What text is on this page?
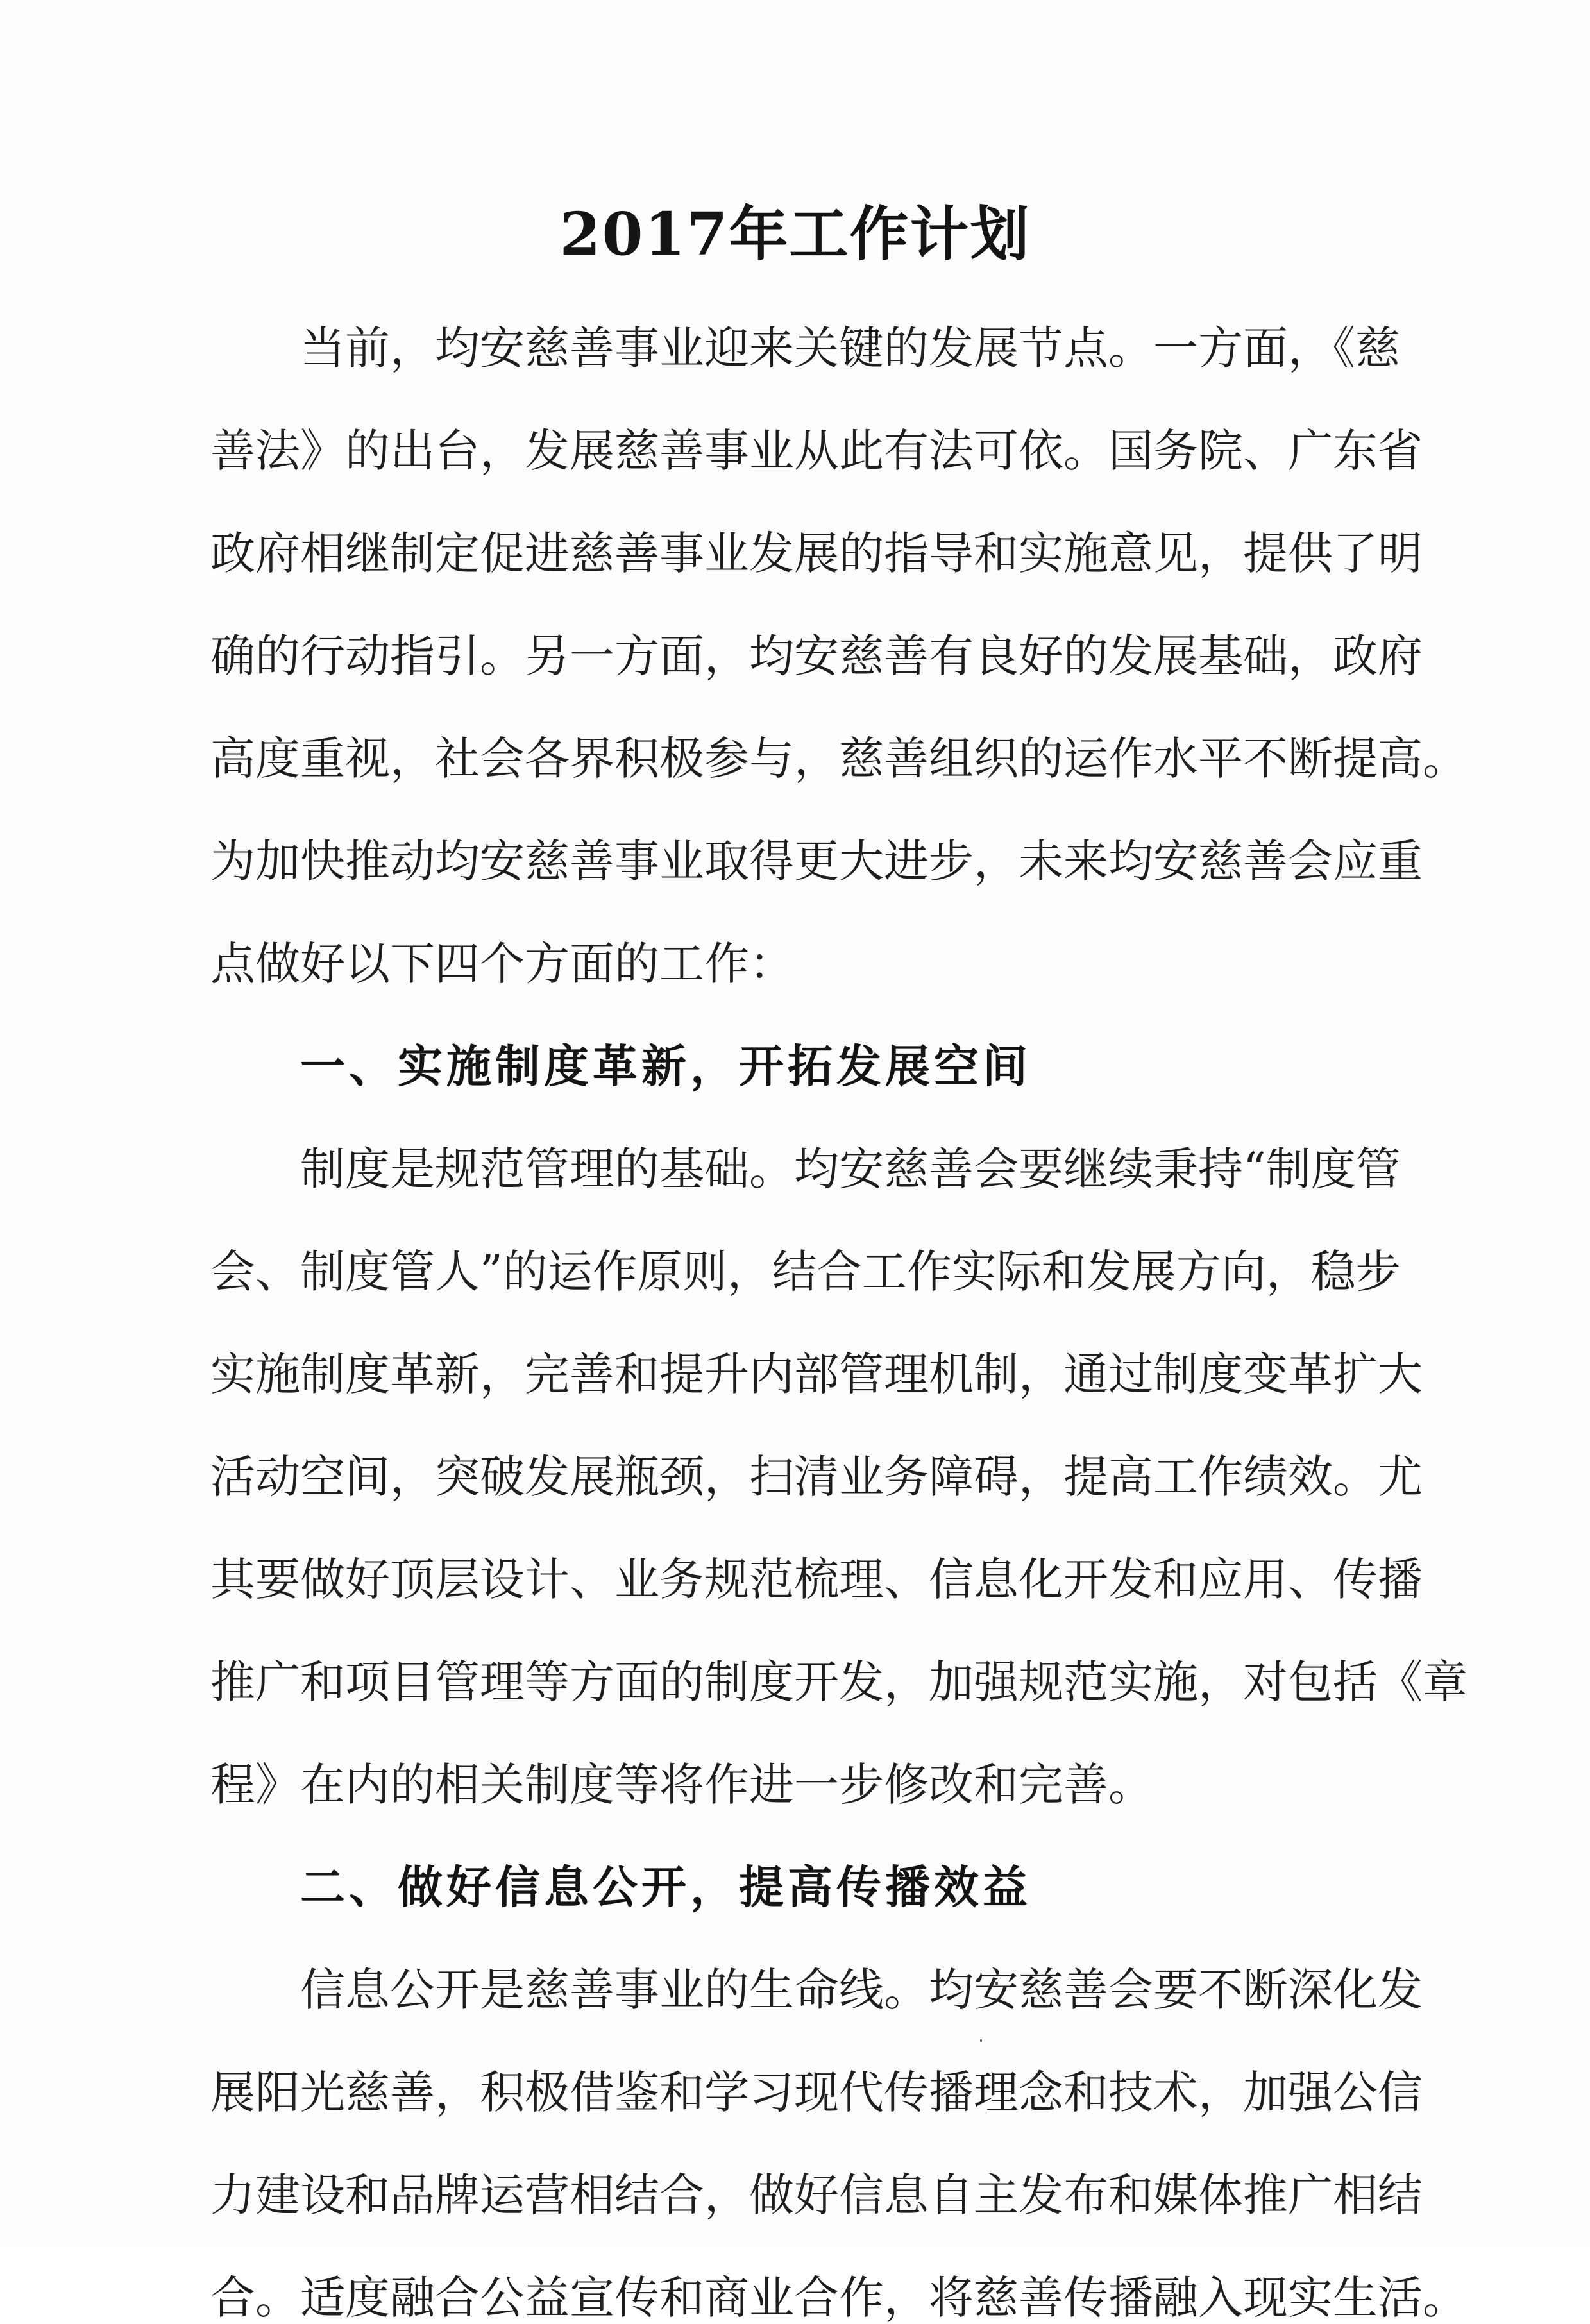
2017年工作计划
当前，均安慈善事业迎来关键的发展节点。一方面，《慈
善法》的出台，发展慈善事业从此有法可依。国务院、广东省
政府相继制定促进慈善事业发展的指导和实施意见，提供了明
确的行动指引。另一方面，均安慈善有良好的发展基础，政府
高度重视，社会各界积极参与，慈善组织的运作水平不断提高。
为加快推动均安慈善事业取得更大进步，未来均安慈善会应重
点做好以下四个方面的工作：
一、实施制度革新，开拓发展空间
制度是规范管理的基础。均安慈善会要继续秉持“制度管
会、制度管人”的运作原则，结合工作实际和发展方向，稳步
实施制度革新，完善和提升内部管理机制，通过制度变革扩大
活动空间，突破发展瓶颈，扫清业务障碍，提高工作绩效。尤
其要做好顶层设计、业务规范梳理、信息化开发和应用、传播
推广和项目管理等方面的制度开发，加强规范实施，对包括《章
程》在内的相关制度等将作进一步修改和完善。
二、做好信息公开，提高传播效益
信息公开是慈善事业的生命线。均安慈善会要不断深化发
展阳光慈善，积极借鉴和学习现代传播理念和技术，加强公信
力建设和品牌运营相结合，做好信息自主发布和媒体推广相结
合。适度融合公益宣传和商业合作，将慈善传播融入现实生活。
